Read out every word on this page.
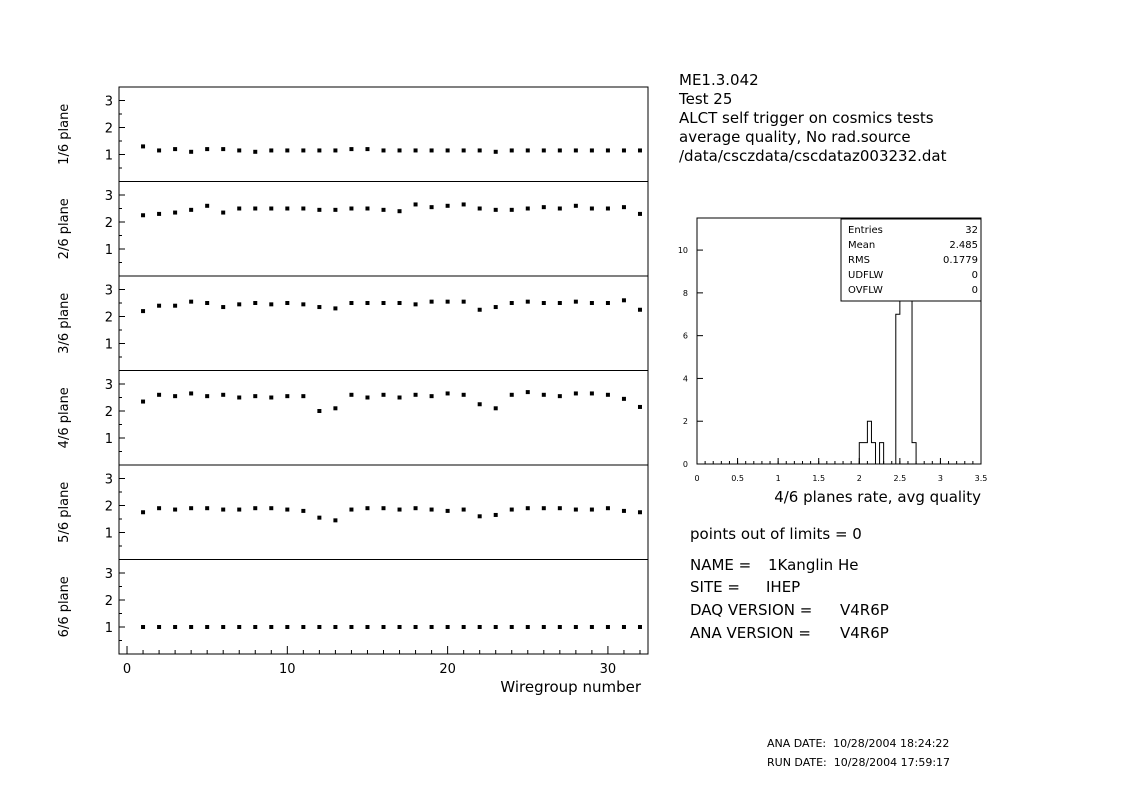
1
2
3
1/6 plane
1
2
3
2/6 plane
1
2
3
3/6 plane
1
2
3
4/6 plane
1
2
3
5/6 plane
1
2
3
6/6 plane
0	10	20	30
Wiregroup number
0	0.5	1	1.5	2	2.5	3	3.5
0
2
4
6
8
10
4/6 planes rate, avg quality
Entries	32
Mean	2.485
RMS	0.1779
UDFLW	0
OVFLW	0
ME1.3.042
Test 25
ALCT self trigger on cosmics tests
average quality, No rad.source
/data/csczdata/cscdataz003232.dat
points out of limits = 0
NAME = 1Kanglin He
SITE = IHEP
DAQ VERSION = V4R6P
ANA VERSION = V4R6P
ANA DATE:  10/28/2004 18:24:22
RUN DATE:  10/28/2004 17:59:17
